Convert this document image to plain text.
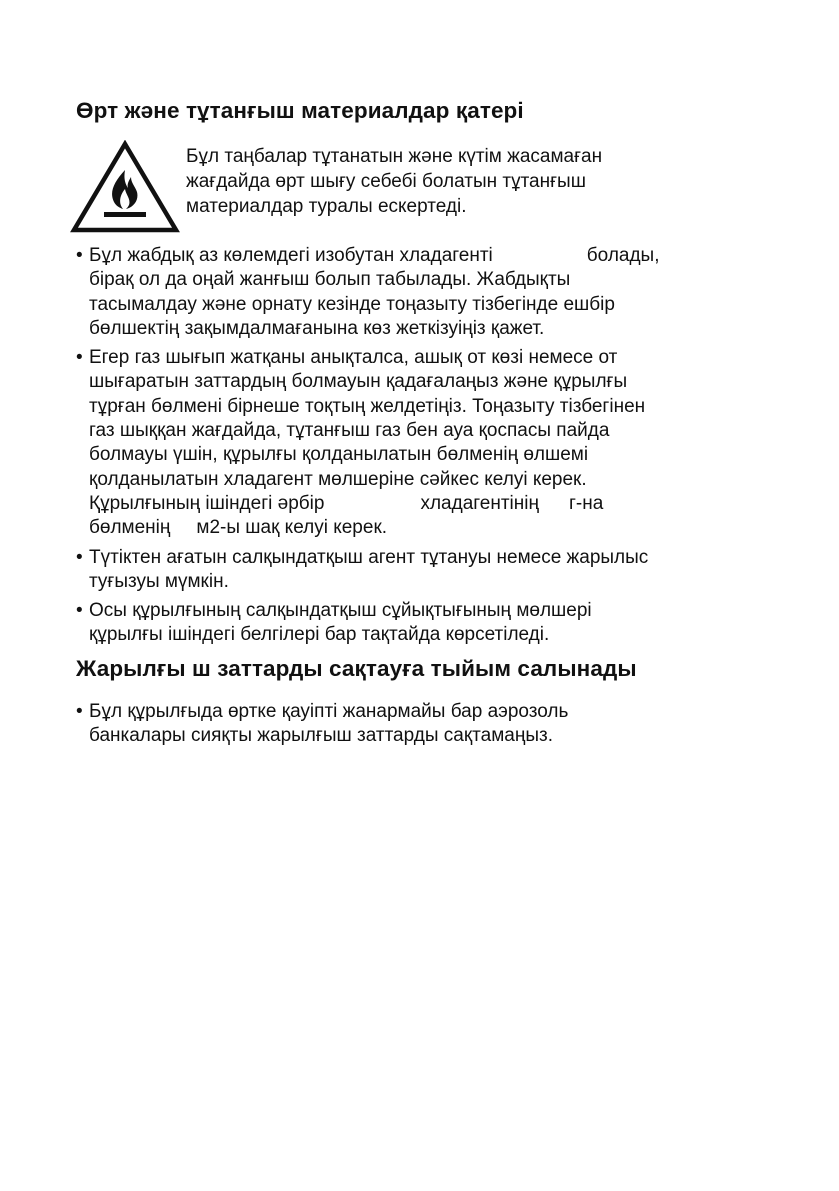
Өрт және тұтанғыш материалдар қатері
Бұл таңбалар тұтанатын және күтім жасамаған
жағдайда өрт шығу себебі болатын тұтанғыш
материалдар туралы ескертеді.
• Бұл жабдық аз көлемдегі изобутан хладагенті	болады,
бірақ ол да оңай жанғыш болып табылады. Жабдықты
тасымалдау және орнату кезінде тоңазыту тізбегінде ешбір
бөлшектің зақымдалмағанына көз жеткізуіңіз қажет.
• Егер газ шығып жатқаны анықталса, ашық от көзі немесе от
шығаратын заттардың болмауын қадағалаңыз және құрылғы
тұрған бөлмені бірнеше тоқтың желдетіңіз. Тоңазыту тізбегінен
газ шыққан жағдайда, тұтанғыш газ бен ауа қоспасы пайда
болмауы үшін, құрылғы қолданылатын бөлменің өлшемі
қолданылатын хладагент мөлшеріне сәйкес келуі керек.
Құрылғының ішіндегі әрбір	хладагентінің г-на
бөлменің м2-ы шақ келуі керек.
• Түтіктен ағатын салқындатқыш агент тұтануы немесе жарылыс
туғызуы мүмкін.
• Осы құрылғының салқындатқыш сұйықтығының мөлшері
құрылғы ішіндегі белгілері бар тақтайда көрсетіледі.
Жарылғы ш заттарды сақтауға тыйым салынады
• Бұл құрылғыда өртке қауіпті жанармайы бар аэрозоль
банкалары сияқты жарылғыш заттарды сақтамаңыз.
